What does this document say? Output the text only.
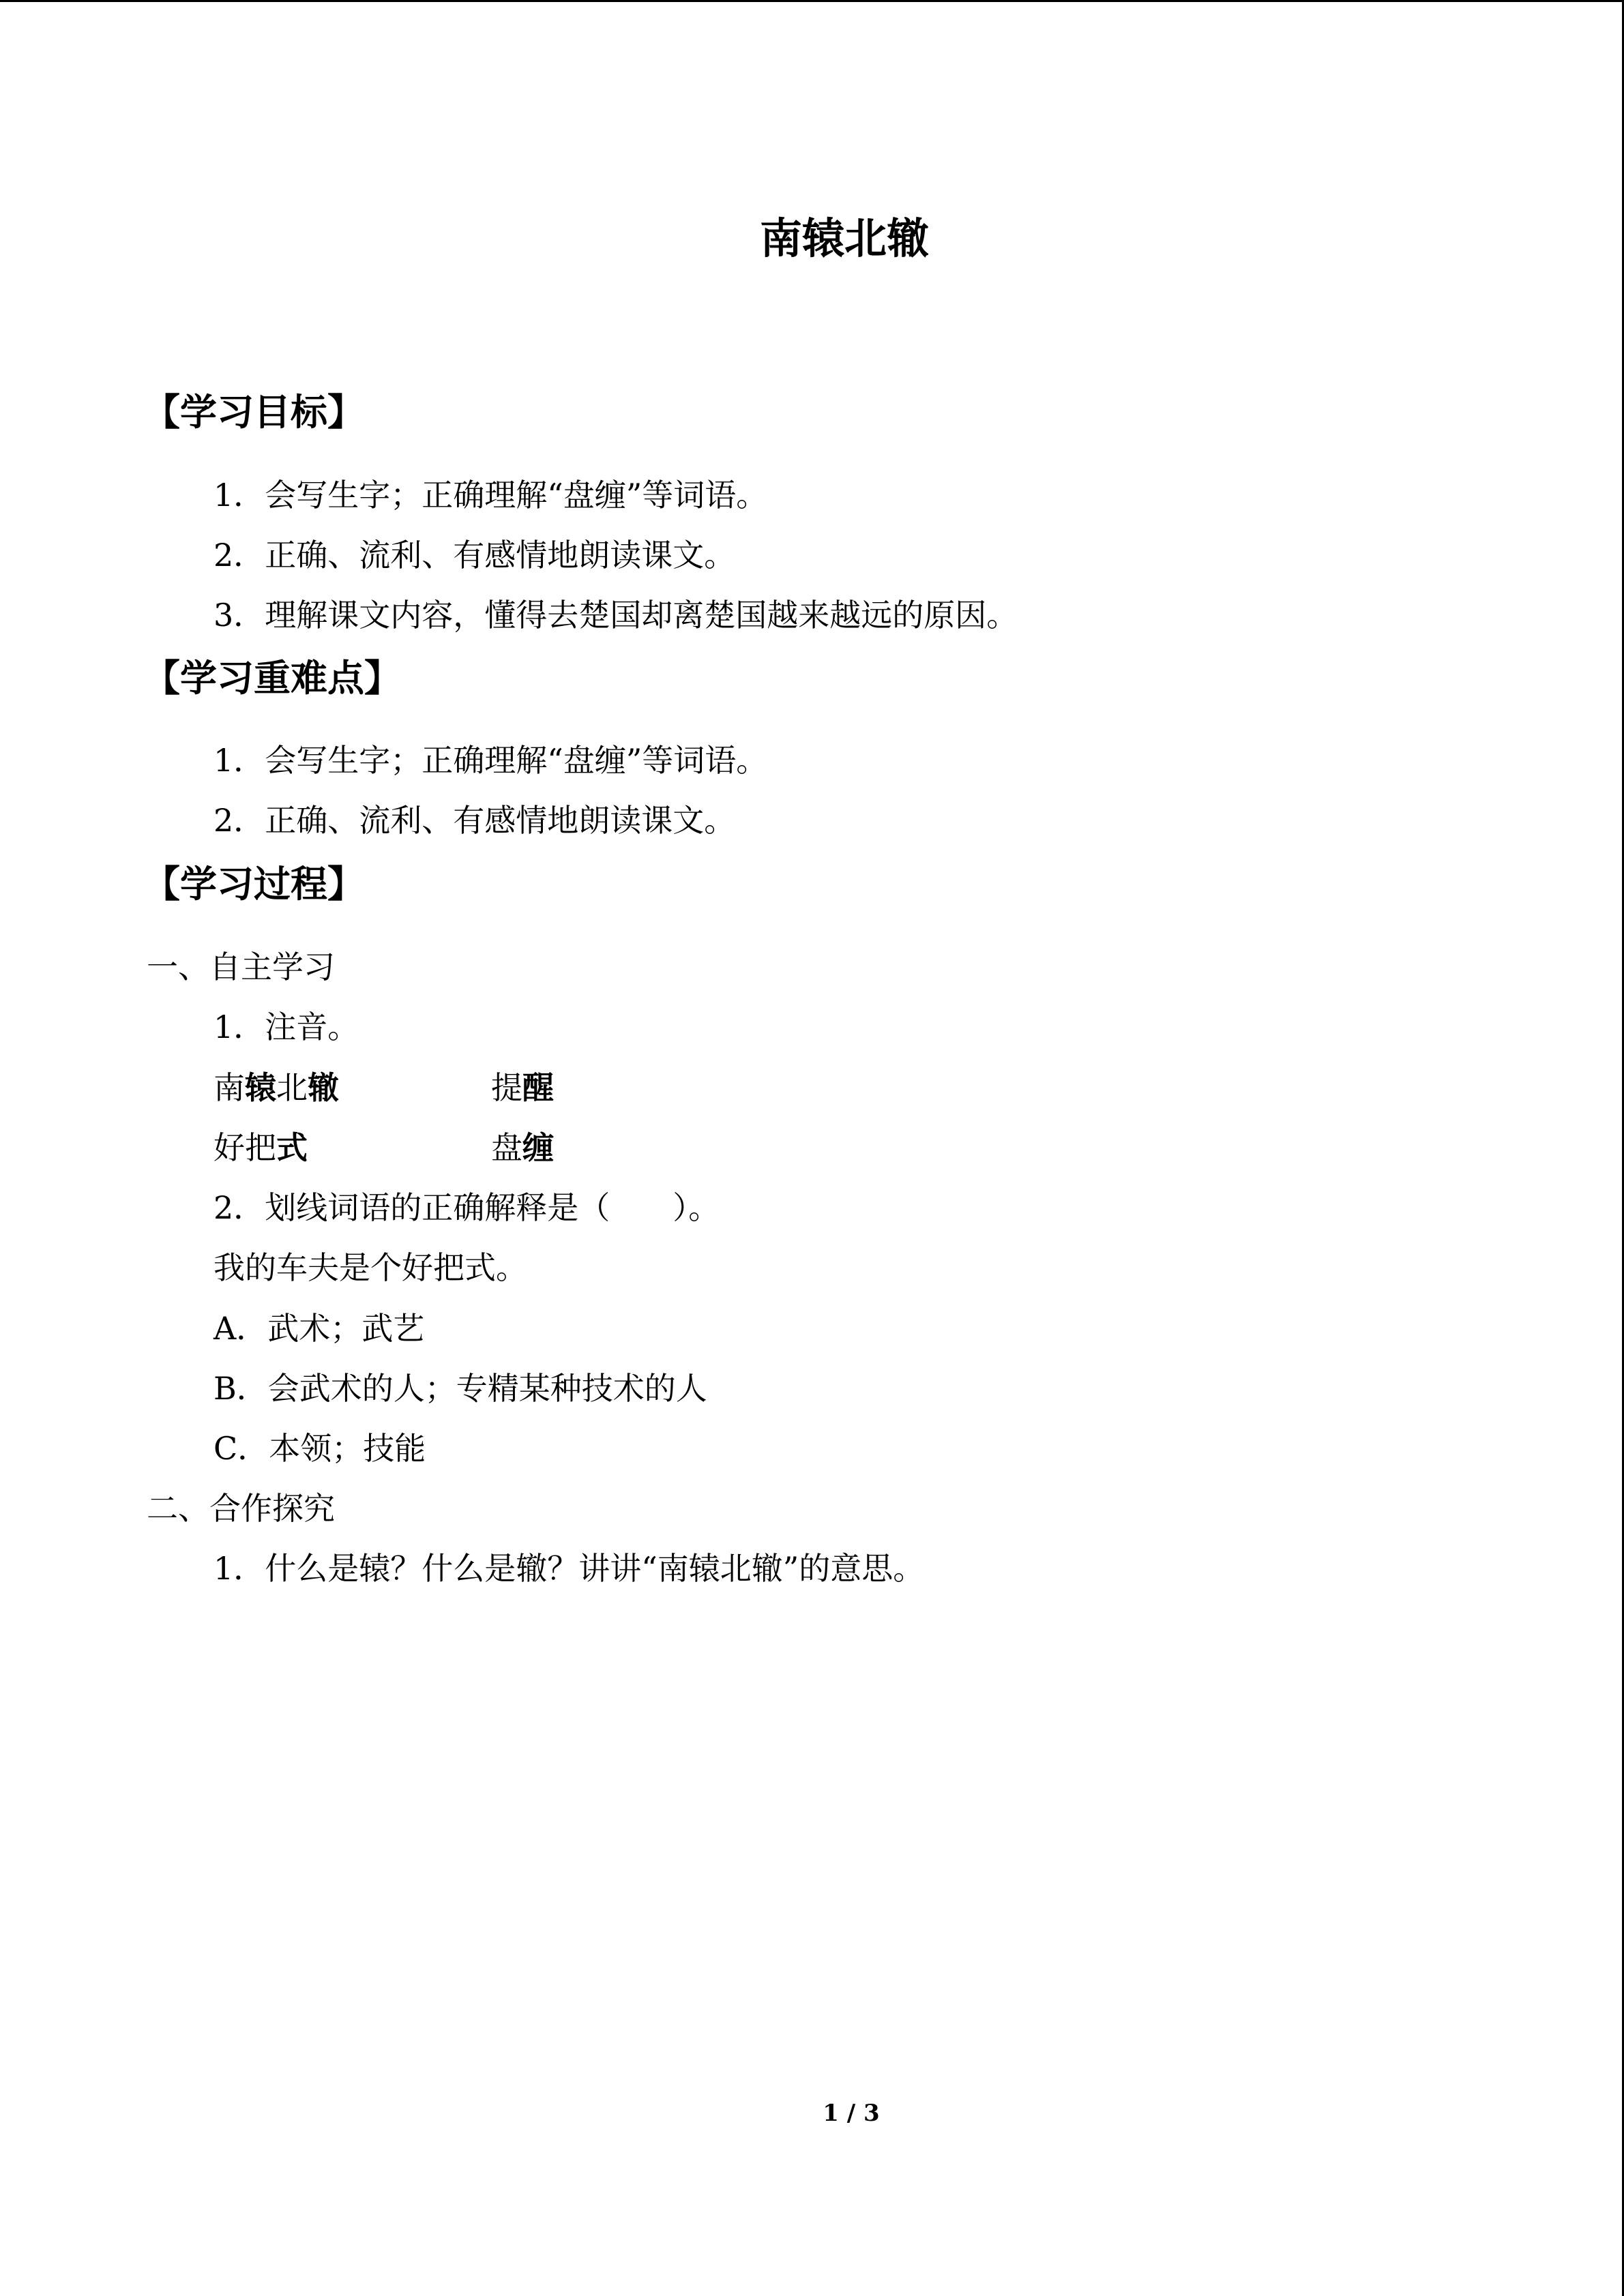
南辕北辙
【学习目标】
1．会写生字；正确理解“盘缠”等词语。
2．正确、流利、有感情地朗读课文。
3．理解课文内容，懂得去楚国却离楚国越来越远的原因。
【学习重难点】
1．会写生字；正确理解“盘缠”等词语。
2．正确、流利、有感情地朗读课文。
【学习过程】
一、自主学习
1．注音。
南辕北辙	提醒
好把式	盘缠
2．划线词语的正确解释是（　　）。
我的车夫是个好把式。
A．武术；武艺
B．会武术的人；专精某种技术的人
C．本领；技能
二、合作探究
1．什么是辕？什么是辙？讲讲“南辕北辙”的意思。
1 / 3
